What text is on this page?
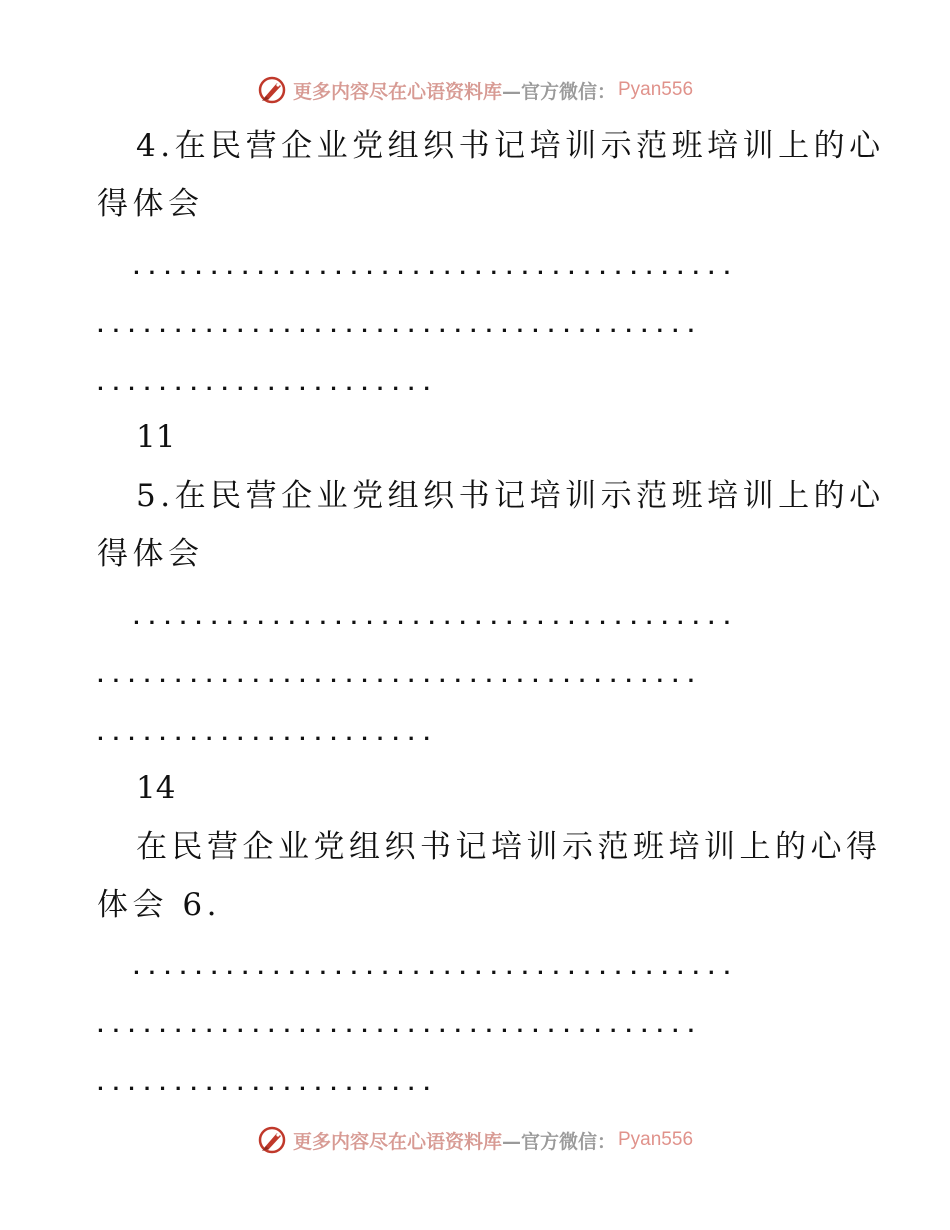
更多内容尽在心语资料库 —官方微信： Pyan556
4.在民营企业党组织书记培训示范班培训上的心
得体会
.......................................
.......................................
......................
11
5.在民营企业党组织书记培训示范班培训上的心
得体会
.......................................
.......................................
......................
14
在民营企业党组织书记培训示范班培训上的心得
体会 6.
.......................................
.......................................
......................
更多内容尽在心语资料库 —官方微信： Pyan556
